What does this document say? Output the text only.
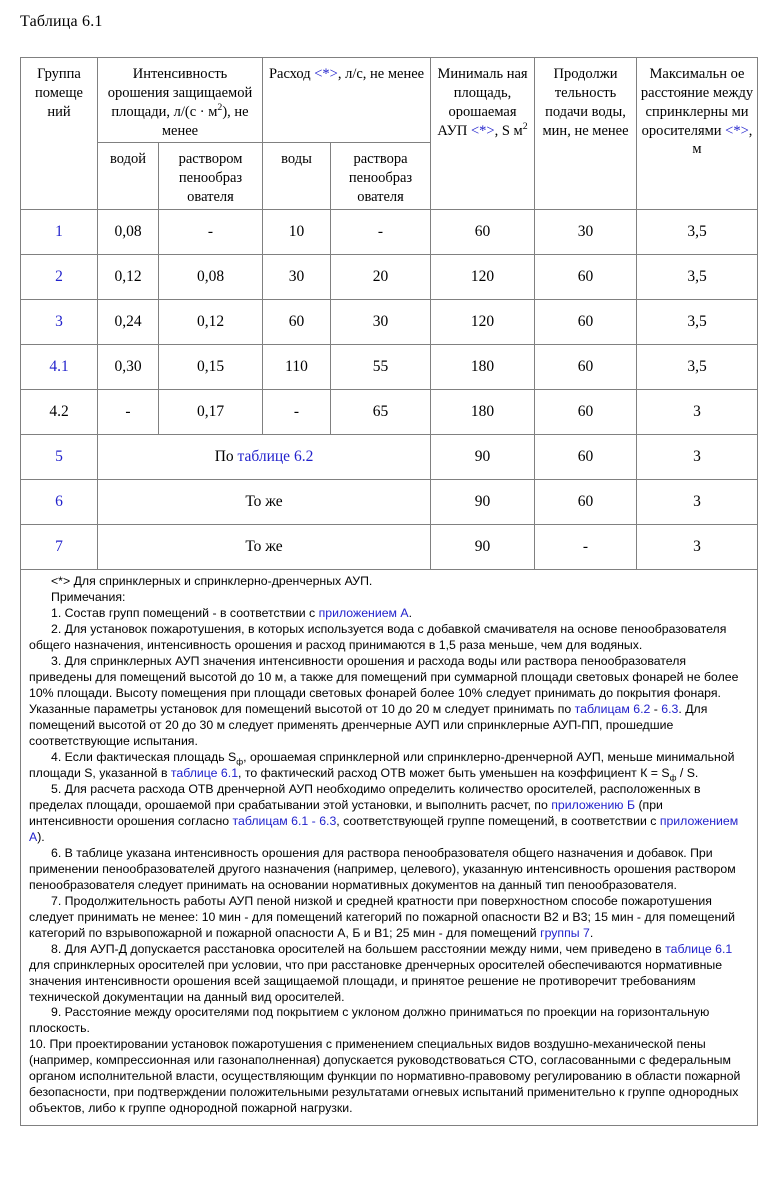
Таблица 6.1
Группа помеще ний	Интенсивность орошения защищаемой площади, $л/(с \cdot м^2)$, не менее		Расход <*>, л/с, не менее		Минималь ная площадь, орошаемая АУП <*>, S $м^2$	Продолжи тельность подачи воды, мин, не менее	Максимальн ое расстояние между спринклерны ми оросителями <*>, м
	водой	раствором пенообраз ователя	воды	раствора пенообраз ователя			
1	0,08	-	10	-	60	30	3,5
2	0,12	0,08	30	20	120	60	3,5
3	0,24	0,12	60	30	120	60	3,5
4.1	0,30	0,15	110	55	180	60	3,5
4.2	-	0,17	-	65	180	60	3
5	По таблице 6.2				90	60	3
6	То же				90	60	3
7	То же				90	-	3

<*> Для спринклерных и спринклерно-дренчерных АУП.

Примечания:

1. Состав групп помещений - в соответствии с приложением А.

2. Для установок пожаротушения, в которых используется вода с добавкой смачивателя на основе пенообразователя общего назначения, интенсивность орошения и расход принимаются в 1,5 раза меньше, чем для водяных.

3. Для спринклерных АУП значения интенсивности орошения и расхода воды или раствора пенообразователя приведены для помещений высотой до 10 м, а также для помещений при суммарной площади световых фонарей не более 10% площади. Высоту помещения при площади световых фонарей более 10% следует принимать до покрытия фонаря. Указанные параметры установок для помещений высотой от 10 до 20 м следует принимать по таблицам 6.2 - 6.3. Для помещений высотой от 20 до 30 м следует применять дренчерные АУП или спринклерные АУП-ПП, прошедшие соответствующие испытания.

4. Если фактическая площадь $S_ф$, орошаемая спринклерной или спринклерно-дренчерной АУП, меньше минимальной площади S, указанной в таблице 6.1, то фактический расход ОТВ может быть уменьшен на коэффициент $К = S_ф / S$.

5. Для расчета расхода ОТВ дренчерной АУП необходимо определить количество оросителей, расположенных в пределах площади, орошаемой при срабатывании этой установки, и выполнить расчет, по приложению Б (при интенсивности орошения согласно таблицам 6.1 - 6.3, соответствующей группе помещений, в соответствии с приложением А).

6. В таблице указана интенсивность орошения для раствора пенообразователя общего назначения и добавок. При применении пенообразователей другого назначения (например, целевого), указанную интенсивность орошения раствором пенообразователя следует принимать на основании нормативных документов на данный тип пенообразователя.

7. Продолжительность работы АУП пеной низкой и средней кратности при поверхностном способе пожаротушения следует принимать не менее: 10 мин - для помещений категорий по пожарной опасности В2 и В3; 15 мин - для помещений категорий по взрывопожарной и пожарной опасности А, Б и В1; 25 мин - для помещений группы 7.

8. Для АУП-Д допускается расстановка оросителей на большем расстоянии между ними, чем приведено в таблице 6.1 для спринклерных оросителей при условии, что при расстановке дренчерных оросителей обеспечиваются нормативные значения интенсивности орошения всей защищаемой площади, и принятое решение не противоречит требованиям технической документации на данный вид оросителей.

9. Расстояние между оросителями под покрытием с уклоном должно приниматься по проекции на горизонтальную плоскость.

10. При проектировании установок пожаротушения с применением специальных видов воздушно-механической пены (например, компрессионная или газонаполненная) допускается руководствоваться СТО, согласованными с федеральным органом исполнительной власти, осуществляющим функции по нормативно-правовому регулированию в области пожарной безопасности, при подтверждении положительными результатами огневых испытаний применительно к группе однородных объектов, либо к группе однородной пожарной нагрузки.
